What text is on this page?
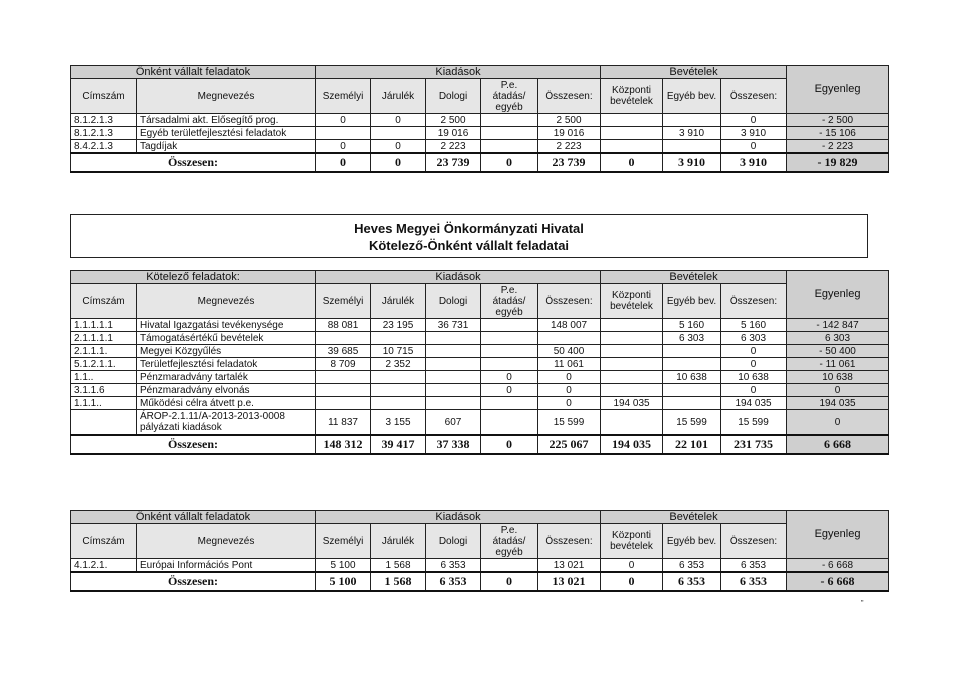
Önként vállalt feladatok		Kiadások					Bevételek			Egyenleg
Címszám	Megnevezés	Személyi	Járulék	Dologi	P.e. átadás/ egyéb	Összesen:	Központi bevételek	Egyéb bev.	Összesen:	
8.1.2.1.3	Társadalmi akt. Elősegítő prog.	0	0	2 500		2 500			0	- 2 500
8.1.2.1.3	Egyéb területfejlesztési feladatok			19 016		19 016		3 910	3 910	- 15 106
8.4.2.1.3	Tagdíjak	0	0	2 223		2 223			0	- 2 223
Összesen:		0	0	23 739	0	23 739	0	3 910	3 910	- 19 829
Heves Megyei Önkormányzati Hivatal
Kötelező-Önként vállalt feladatai
Kötelező feladatok:		Kiadások					Bevételek			Egyenleg
Címszám	Megnevezés	Személyi	Járulék	Dologi	P.e. átadás/ egyéb	Összesen:	Központi bevételek	Egyéb bev.	Összesen:	
1.1.1.1.1	Hivatal Igazgatási tevékenysége	88 081	23 195	36 731		148 007		5 160	5 160	- 142 847
2.1.1.1.1	Támogatásértékű bevételek							6 303	6 303	6 303
2.1.1.1.	Megyei Közgyűlés	39 685	10 715			50 400			0	- 50 400
5.1.2.1.1.	Területfejlesztési feladatok	8 709	2 352			11 061			0	- 11 061
1.1..	Pénzmaradvány tartalék				0	0		10 638	10 638	10 638
3.1.1.6	Pénzmaradvány elvonás				0	0			0	0
1.1.1..	Működési célra átvett p.e.					0	194 035		194 035	194 035
	ÁROP-2.1.11/A-2013-2013-0008 pályázati kiadások	11 837	3 155	607		15 599		15 599	15 599	0
Összesen:		148 312	39 417	37 338	0	225 067	194 035	22 101	231 735	6 668
Önként vállalt feladatok		Kiadások					Bevételek			Egyenleg
Címszám	Megnevezés	Személyi	Járulék	Dologi	P.e. átadás/ egyéb	Összesen:	Központi bevételek	Egyéb bev.	Összesen:	
4.1.2.1.	Európai Információs Pont	5 100	1 568	6 353		13 021	0	6 353	6 353	- 6 668
Összesen:		5 100	1 568	6 353	0	13 021	0	6 353	6 353	- 6 668
"
